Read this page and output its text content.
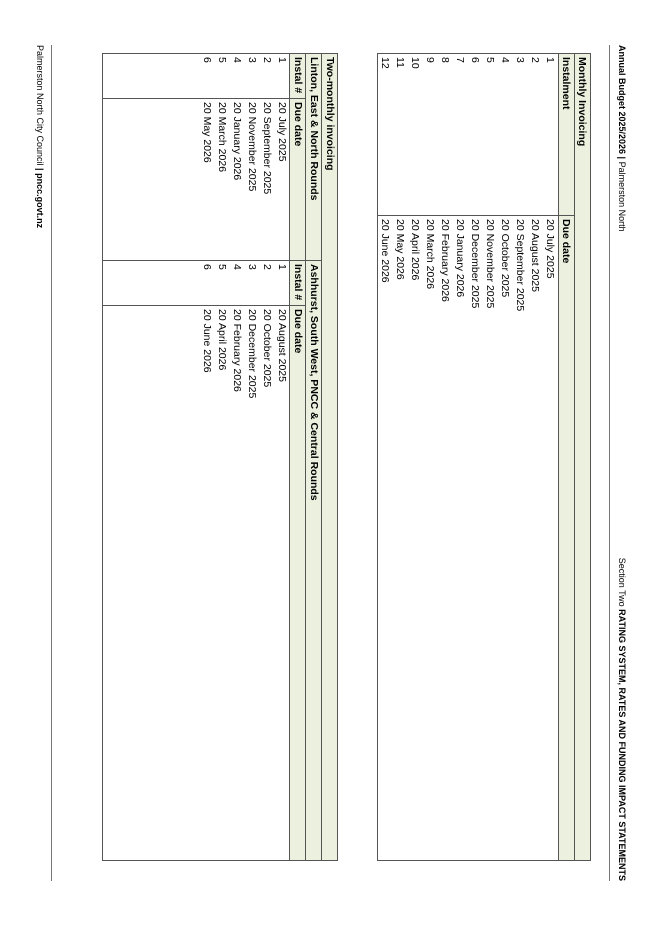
Annual Budget 2025/2026 | Palmerston North
Section Two RATING SYSTEM, RATES AND FUNDING IMPACT STATEMENTS
Monthly Invoicing	
Instalment	Due date
1	20 July 2025
2	20 August 2025
3	20 September 2025
4	20 October 2025
5	20 November 2025
6	20 December 2025
7	20 January 2026
8	20 February 2026
9	20 March 2026
10	20 April 2026
11	20 May 2026
12	20 June 2026
Two-monthly invoicing			
Linton, East & North Rounds		Ashhurst, South West, PNCC & Central Rounds	
Instal #	Due date	Instal #	Due date
1	20 July 2025	1	20 August 2025
2	20 September 2025	2	20 October 2025
3	20 November 2025	3	20 December 2025
4	20 January 2026	4	20 February 2026
5	20 March 2026	5	20 April 2026
6	20 May 2026	6	20 June 2026

Palmerston North City Council | pncc.govt.nz
